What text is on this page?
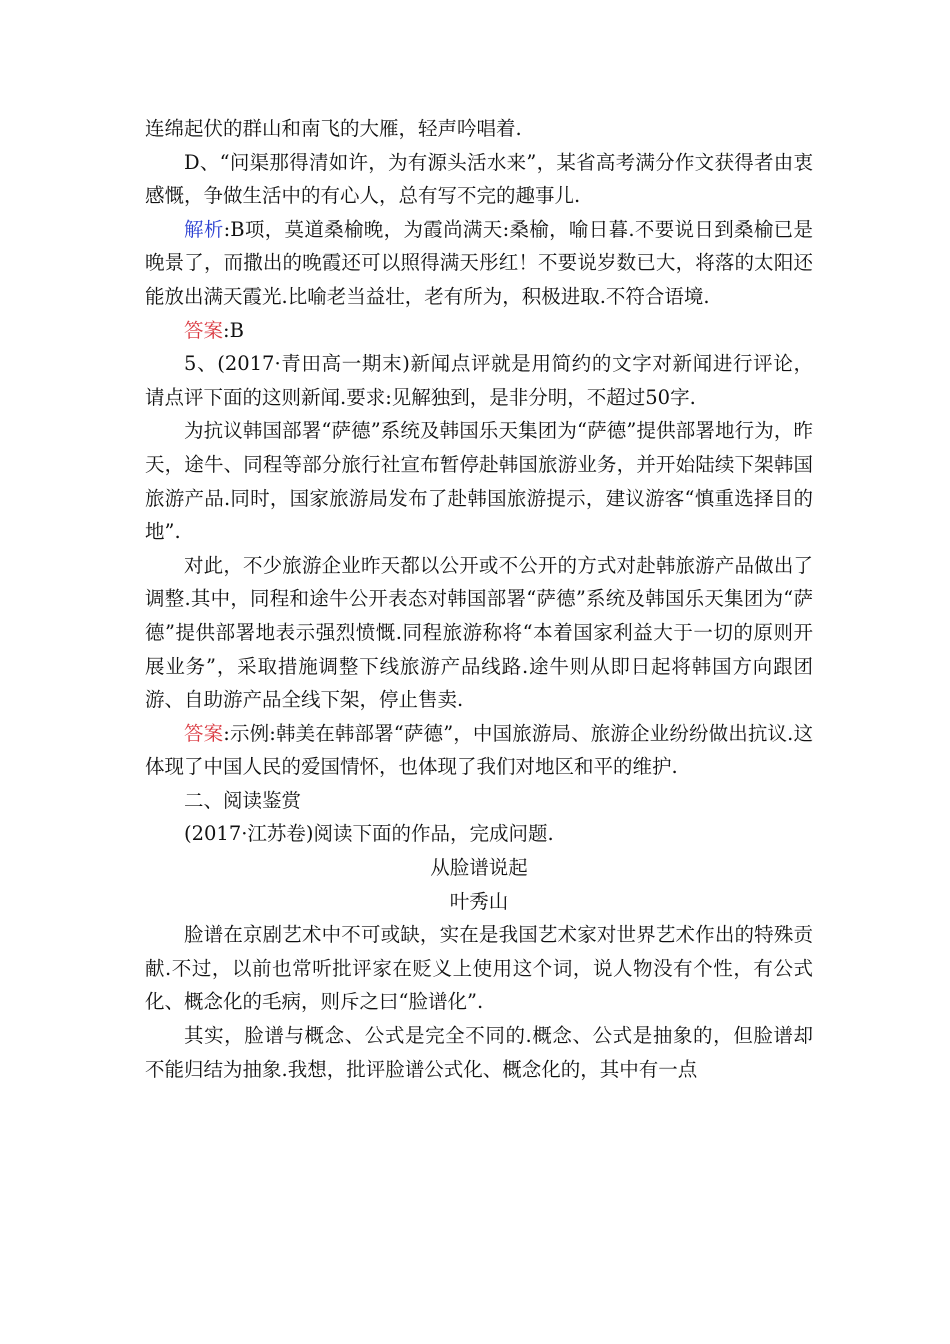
连绵起伏的群山和南飞的大雁，轻声吟唱着.

D、“问渠那得清如许，为有源头活水来”，某省高考满分作文获得者由衷感慨，争做生活中的有心人，总有写不完的趣事儿.

解析:B项，莫道桑榆晚，为霞尚满天:桑榆，喻日暮.不要说日到桑榆已是晚景了，而撒出的晚霞还可以照得满天彤红！不要说岁数已大，将落的太阳还能放出满天霞光.比喻老当益壮，老有所为，积极进取.不符合语境.

答案:B

5、(2017·青田高一期末)新闻点评就是用简约的文字对新闻进行评论，请点评下面的这则新闻.要求:见解独到，是非分明，不超过50字.

为抗议韩国部署“萨德”系统及韩国乐天集团为“萨德”提供部署地行为，昨天，途牛、同程等部分旅行社宣布暂停赴韩国旅游业务，并开始陆续下架韩国旅游产品.同时，国家旅游局发布了赴韩国旅游提示，建议游客“慎重选择目的地”.

对此，不少旅游企业昨天都以公开或不公开的方式对赴韩旅游产品做出了调整.其中，同程和途牛公开表态对韩国部署“萨德”系统及韩国乐天集团为“萨德”提供部署地表示强烈愤慨.同程旅游称将“本着国家利益大于一切的原则开展业务”，采取措施调整下线旅游产品线路.途牛则从即日起将韩国方向跟团游、自助游产品全线下架，停止售卖.

答案:示例:韩美在韩部署“萨德”，中国旅游局、旅游企业纷纷做出抗议.这体现了中国人民的爱国情怀，也体现了我们对地区和平的维护.

二、阅读鉴赏

(2017·江苏卷)阅读下面的作品，完成问题.

从脸谱说起

叶秀山

脸谱在京剧艺术中不可或缺，实在是我国艺术家对世界艺术作出的特殊贡献.不过，以前也常听批评家在贬义上使用这个词，说人物没有个性，有公式化、概念化的毛病，则斥之曰“脸谱化”.

其实，脸谱与概念、公式是完全不同的.概念、公式是抽象的，但脸谱却不能归结为抽象.我想，批评脸谱公式化、概念化的，其中有一点
